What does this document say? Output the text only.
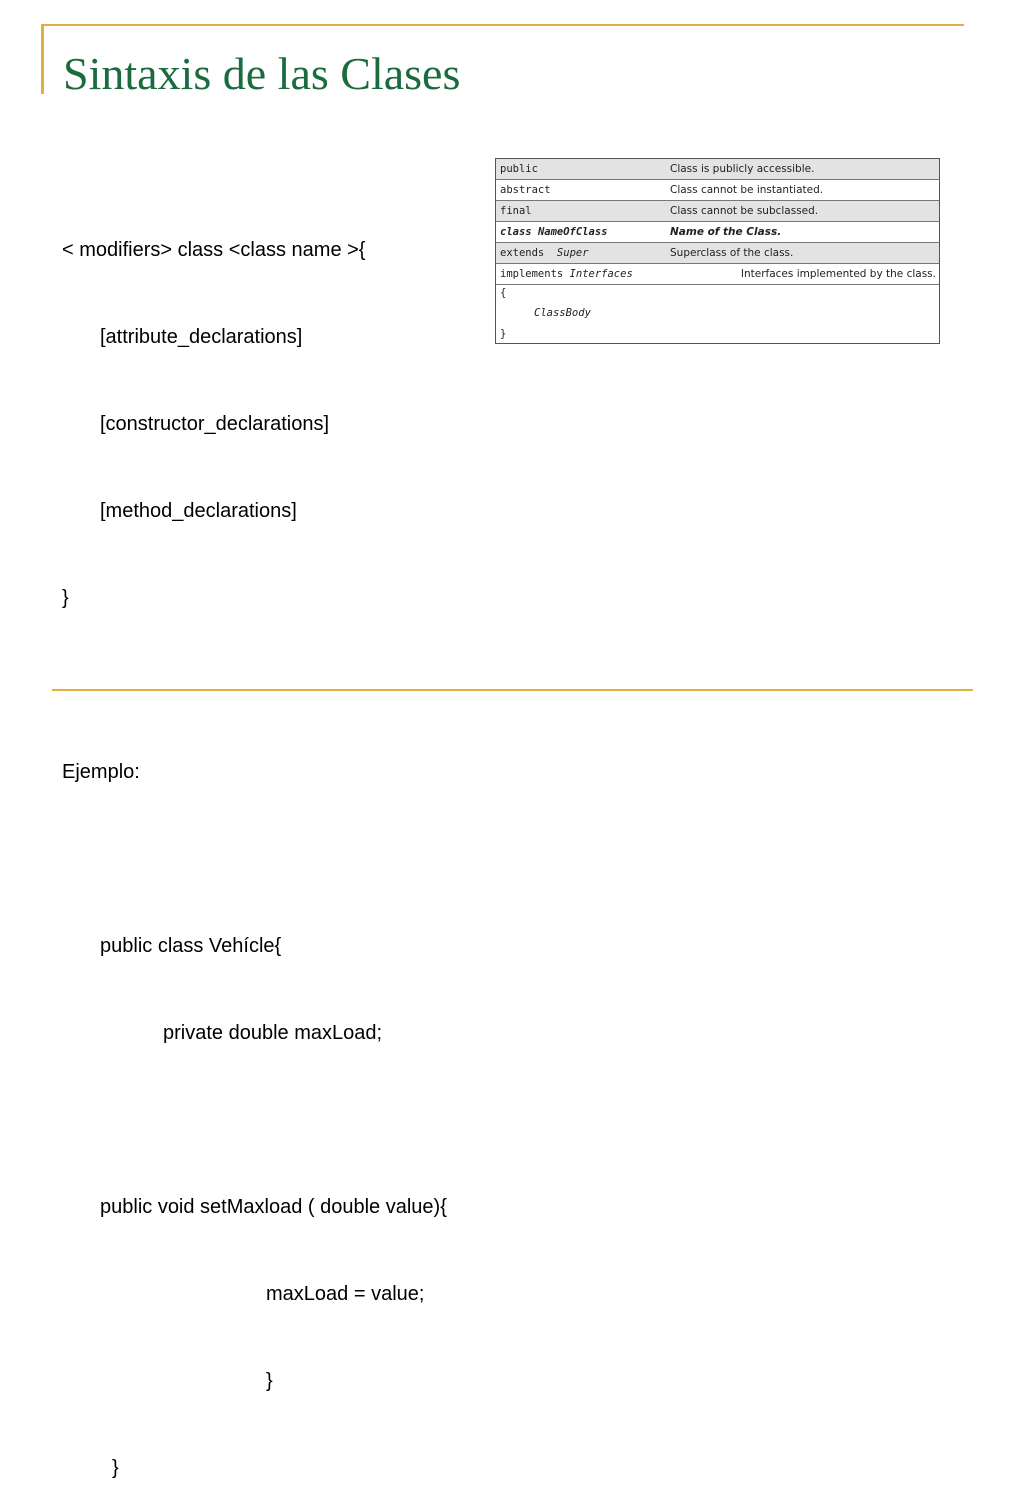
Sintaxis de las Clases

< modifiers> class <class name >{

[attribute_declarations]

[constructor_declarations]

[method_declarations]

}

Ejemplo:

public class Vehícle{

private double maxLoad;

public void setMaxload ( double value){

maxLoad = value;

}

}

public	Class is publicly accessible.
abstract	Class cannot be instantiated.
final	Class cannot be subclassed.
class NameOfClass	Name of the Class.
extends Super	Superclass of the class.
implements Interfaces	Interfaces implemented by the class.
{
ClassBody
}
